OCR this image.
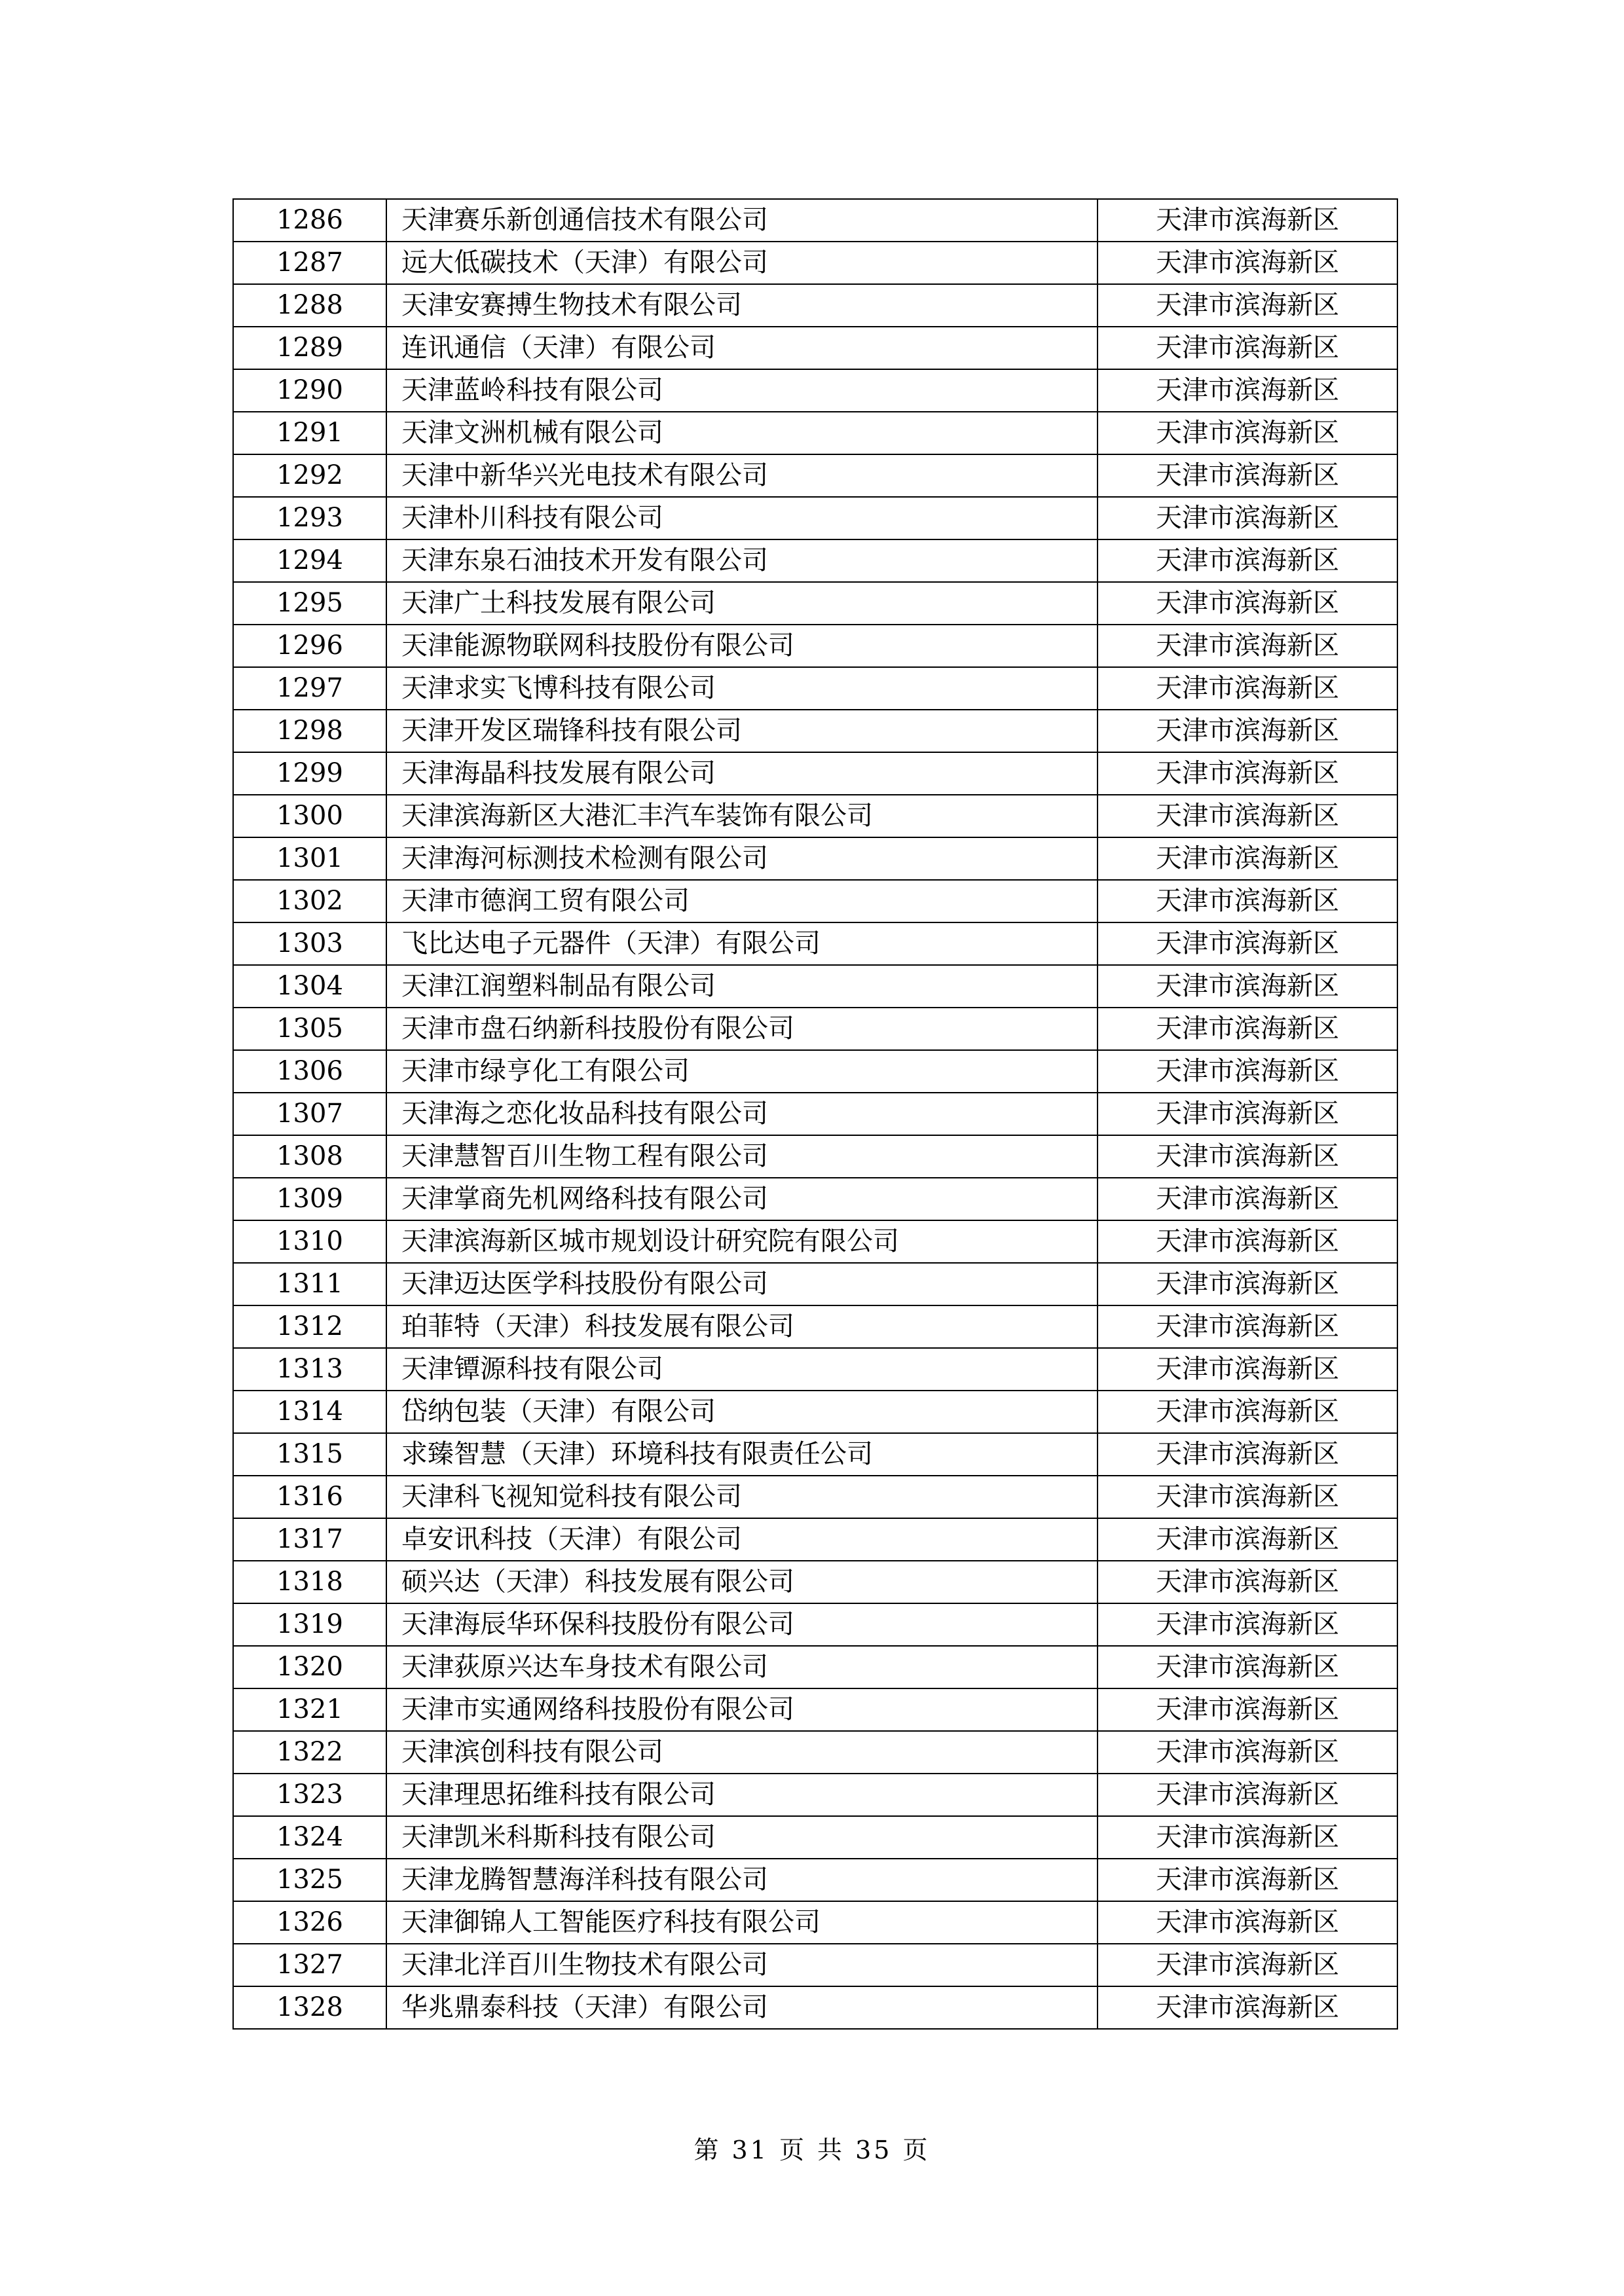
1286	天津赛乐新创通信技术有限公司	天津市滨海新区
1287	远大低碳技术（天津）有限公司	天津市滨海新区
1288	天津安赛搏生物技术有限公司	天津市滨海新区
1289	连讯通信（天津）有限公司	天津市滨海新区
1290	天津蓝岭科技有限公司	天津市滨海新区
1291	天津文洲机械有限公司	天津市滨海新区
1292	天津中新华兴光电技术有限公司	天津市滨海新区
1293	天津朴川科技有限公司	天津市滨海新区
1294	天津东泉石油技术开发有限公司	天津市滨海新区
1295	天津广土科技发展有限公司	天津市滨海新区
1296	天津能源物联网科技股份有限公司	天津市滨海新区
1297	天津求实飞博科技有限公司	天津市滨海新区
1298	天津开发区瑞锋科技有限公司	天津市滨海新区
1299	天津海晶科技发展有限公司	天津市滨海新区
1300	天津滨海新区大港汇丰汽车装饰有限公司	天津市滨海新区
1301	天津海河标测技术检测有限公司	天津市滨海新区
1302	天津市德润工贸有限公司	天津市滨海新区
1303	飞比达电子元器件（天津）有限公司	天津市滨海新区
1304	天津江润塑料制品有限公司	天津市滨海新区
1305	天津市盘石纳新科技股份有限公司	天津市滨海新区
1306	天津市绿亨化工有限公司	天津市滨海新区
1307	天津海之恋化妆品科技有限公司	天津市滨海新区
1308	天津慧智百川生物工程有限公司	天津市滨海新区
1309	天津掌商先机网络科技有限公司	天津市滨海新区
1310	天津滨海新区城市规划设计研究院有限公司	天津市滨海新区
1311	天津迈达医学科技股份有限公司	天津市滨海新区
1312	珀菲特（天津）科技发展有限公司	天津市滨海新区
1313	天津镡源科技有限公司	天津市滨海新区
1314	岱纳包装（天津）有限公司	天津市滨海新区
1315	求臻智慧（天津）环境科技有限责任公司	天津市滨海新区
1316	天津科飞视知觉科技有限公司	天津市滨海新区
1317	卓安讯科技（天津）有限公司	天津市滨海新区
1318	硕兴达（天津）科技发展有限公司	天津市滨海新区
1319	天津海辰华环保科技股份有限公司	天津市滨海新区
1320	天津荻原兴达车身技术有限公司	天津市滨海新区
1321	天津市实通网络科技股份有限公司	天津市滨海新区
1322	天津滨创科技有限公司	天津市滨海新区
1323	天津理思拓维科技有限公司	天津市滨海新区
1324	天津凯米科斯科技有限公司	天津市滨海新区
1325	天津龙腾智慧海洋科技有限公司	天津市滨海新区
1326	天津御锦人工智能医疗科技有限公司	天津市滨海新区
1327	天津北洋百川生物技术有限公司	天津市滨海新区
1328	华兆鼎泰科技（天津）有限公司	天津市滨海新区
第 31 页 共 35 页
